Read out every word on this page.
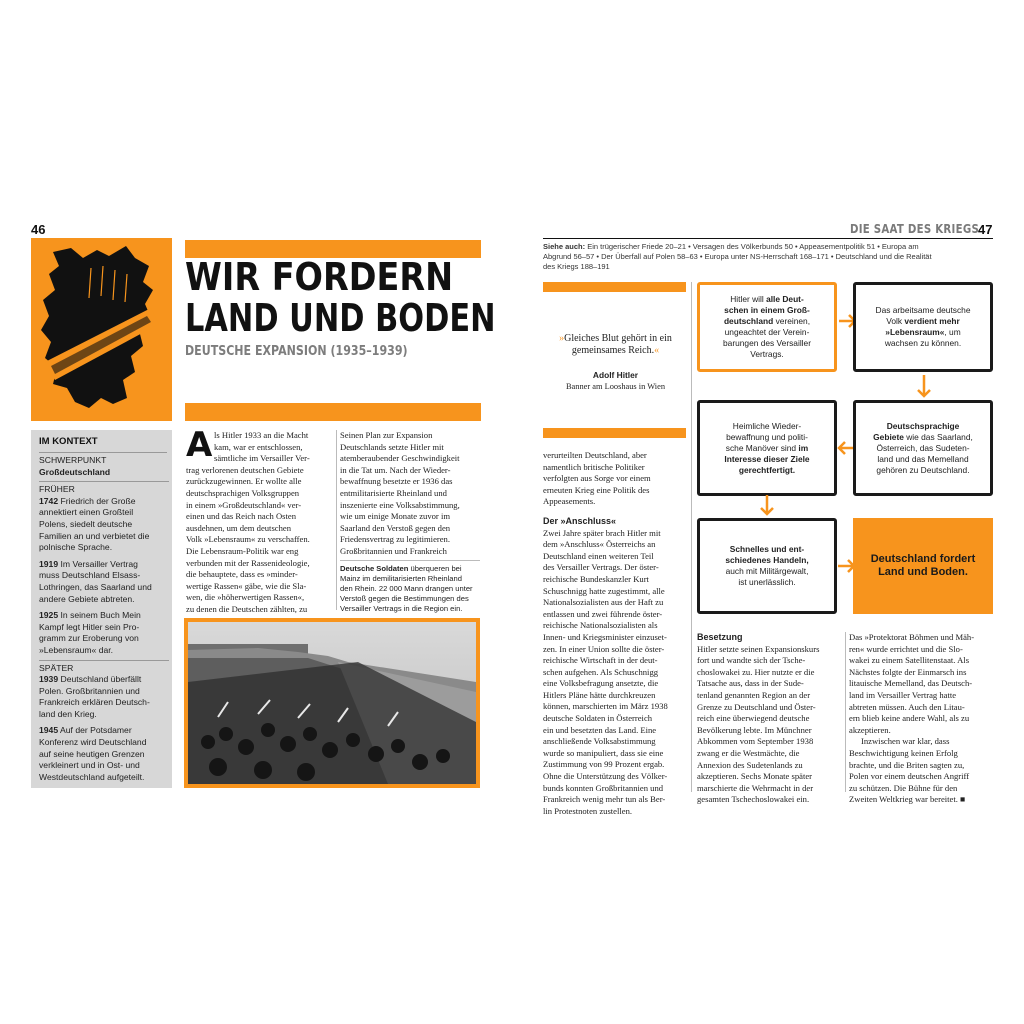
46	DIE SAAT DES KRIEGS
47
WIR FORDERN
LAND UND BODEN
DEUTSCHE EXPANSION (1935–1939)
IM KONTEXT
SCHWERPUNKT
Großdeutschland
FRÜHER
1742 Friedrich der Große
annektiert einen Großteil
Polens, siedelt deutsche
Familien an und verbietet die
polnische Sprache.
1919 Im Versailler Vertrag
muss Deutschland Elsass-
Lothringen, das Saarland und
andere Gebiete abtreten.
1925 In seinem Buch Mein
Kampf legt Hitler sein Pro-
gramm zur Eroberung von
»Lebensraum« dar.
SPÄTER
1939 Deutschland überfällt
Polen. Großbritannien und
Frankreich erklären Deutsch-
land den Krieg.
1945 Auf der Potsdamer
Konferenz wird Deutschland
auf seine heutigen Grenzen
verkleinert und in Ost- und
Westdeutschland aufgeteilt.
A ls Hitler 1933 an die Macht
kam, war er entschlossen,
sämtliche im Versailler Ver-
trag verlorenen deutschen Gebiete
zurückzugewinnen. Er wollte alle
deutschsprachigen Volksgruppen
in einem »Großdeutschland« ver-
einen und das Reich nach Osten
ausdehnen, um dem deutschen
Volk »Lebensraum« zu verschaffen.
Die Lebensraum-Politik war eng
verbunden mit der Rassenideologie,
die behauptete, dass es »minder-
wertige Rassen« gäbe, wie die Sla-
wen, die »höherwertigen Rassen«,
zu denen die Deutschen zählten, zu
Seinen Plan zur Expansion
Deutschlands setzte Hitler mit
atemberaubender Geschwindigkeit
in die Tat um. Nach der Wieder-
bewaffnung besetzte er 1936 das
entmilitarisierte Rheinland und
inszenierte eine Volksabstimmung,
wie um einige Monate zuvor im
Saarland den Verstoß gegen den
Friedensvertrag zu legitimieren.
Großbritannien und Frankreich
Deutsche Soldaten überqueren bei
Mainz im demilitarisierten Rheinland
den Rhein. 22 000 Mann drangen unter
Verstoß gegen die Bestimmungen des
Versailler Vertrags in die Region ein.
Siehe auch: Ein trügerischer Friede 20–21 • Versagen des Völkerbunds 50 • Appeasementpolitik 51 • Europa am
Abgrund 56–57 • Der Überfall auf Polen 58–63 • Europa unter NS-Herrschaft 168–171 • Deutschland und die Realität
des Kriegs 188–191
»Gleiches Blut gehört in ein
gemeinsames Reich.«
Adolf Hitler
Banner am Looshaus in Wien
verurteilten Deutschland, aber
namentlich britische Politiker
verfolgten aus Sorge vor einem
erneuten Krieg eine Politik des
Appeasements.
Der »Anschluss«
Zwei Jahre später brach Hitler mit
dem »Anschluss« Österreichs an
Deutschland einen weiteren Teil
des Versailler Vertrags. Der öster-
reichische Bundeskanzler Kurt
Schuschnigg hatte zugestimmt, alle
Nationalsozialisten aus der Haft zu
entlassen und zwei führende öster-
reichische Nationalsozialisten als
Innen- und Kriegsminister einzuset-
zen. In einer Union sollte die öster-
reichische Wirtschaft in der deut-
schen aufgehen. Als Schuschnigg
eine Volksbefragung ansetzte, die
Hitlers Pläne hätte durchkreuzen
können, marschierten im März 1938
deutsche Soldaten in Österreich
ein und besetzten das Land. Eine
anschließende Volksabstimmung
wurde so manipuliert, dass sie eine
Zustimmung von 99 Prozent ergab.
Ohne die Unterstützung des Völker-
bunds konnten Großbritannien und
Frankreich wenig mehr tun als Ber-
lin Protestnoten zustellen.
Hitler will alle Deut-
schen in einem Groß-
deutschland vereinen,
ungeachtet der Verein-
barungen des Versailler
Vertrags.
Das arbeitsame deutsche
Volk verdient mehr
»Lebensraum«, um
wachsen zu können.
Heimliche Wieder-
bewaffnung und politi-
sche Manöver sind im
Interesse dieser Ziele
gerechtfertigt.
Deutschsprachige
Gebiete wie das Saarland,
Österreich, das Sudeten-
land und das Memelland
gehören zu Deutschland.
Schnelles und ent-
schiedenes Handeln,
auch mit Militärgewalt,
ist unerlässlich.
Deutschland fordert
Land und Boden.
Besetzung
Hitler setzte seinen Expansionskurs
fort und wandte sich der Tsche-
choslowakei zu. Hier nutzte er die
Tatsache aus, dass in der Sude-
tenland genannten Region an der
Grenze zu Deutschland und Öster-
reich eine überwiegend deutsche
Bevölkerung lebte. Im Münchner
Abkommen vom September 1938
zwang er die Westmächte, die
Annexion des Sudetenlands zu
akzeptieren. Sechs Monate später
marschierte die Wehrmacht in der
gesamten Tschechoslowakei ein.
Das »Protektorat Böhmen und Mäh-
ren« wurde errichtet und die Slo-
wakei zu einem Satellitenstaat. Als
Nächstes folgte der Einmarsch ins
litauische Memelland, das Deutsch-
land im Versailler Vertrag hatte
abtreten müssen. Auch den Litau-
ern blieb keine andere Wahl, als zu
akzeptieren.
Inzwischen war klar, dass
Beschwichtigung keinen Erfolg
brachte, und die Briten sagten zu,
Polen vor einem deutschen Angriff
zu schützen. Die Bühne für den
Zweiten Weltkrieg war bereitet. ■
